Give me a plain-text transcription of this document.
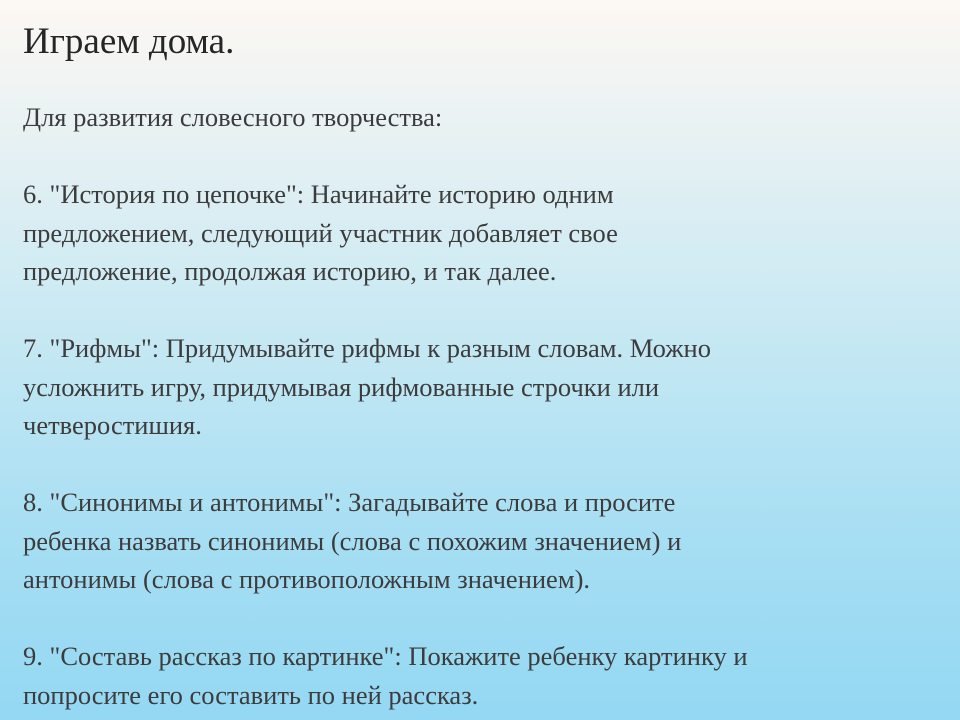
Играем дома.
Для развития словесного творчества:
6. "История по цепочке": Начинайте историю одним
предложением, следующий участник добавляет свое
предложение, продолжая историю, и так далее.
7. "Рифмы": Придумывайте рифмы к разным словам. Можно
усложнить игру, придумывая рифмованные строчки или
четверостишия.
8. "Синонимы и антонимы": Загадывайте слова и просите
ребенка назвать синонимы (слова с похожим значением) и
антонимы (слова с противоположным значением).
9. "Составь рассказ по картинке": Покажите ребенку картинку и
попросите его составить по ней рассказ.
